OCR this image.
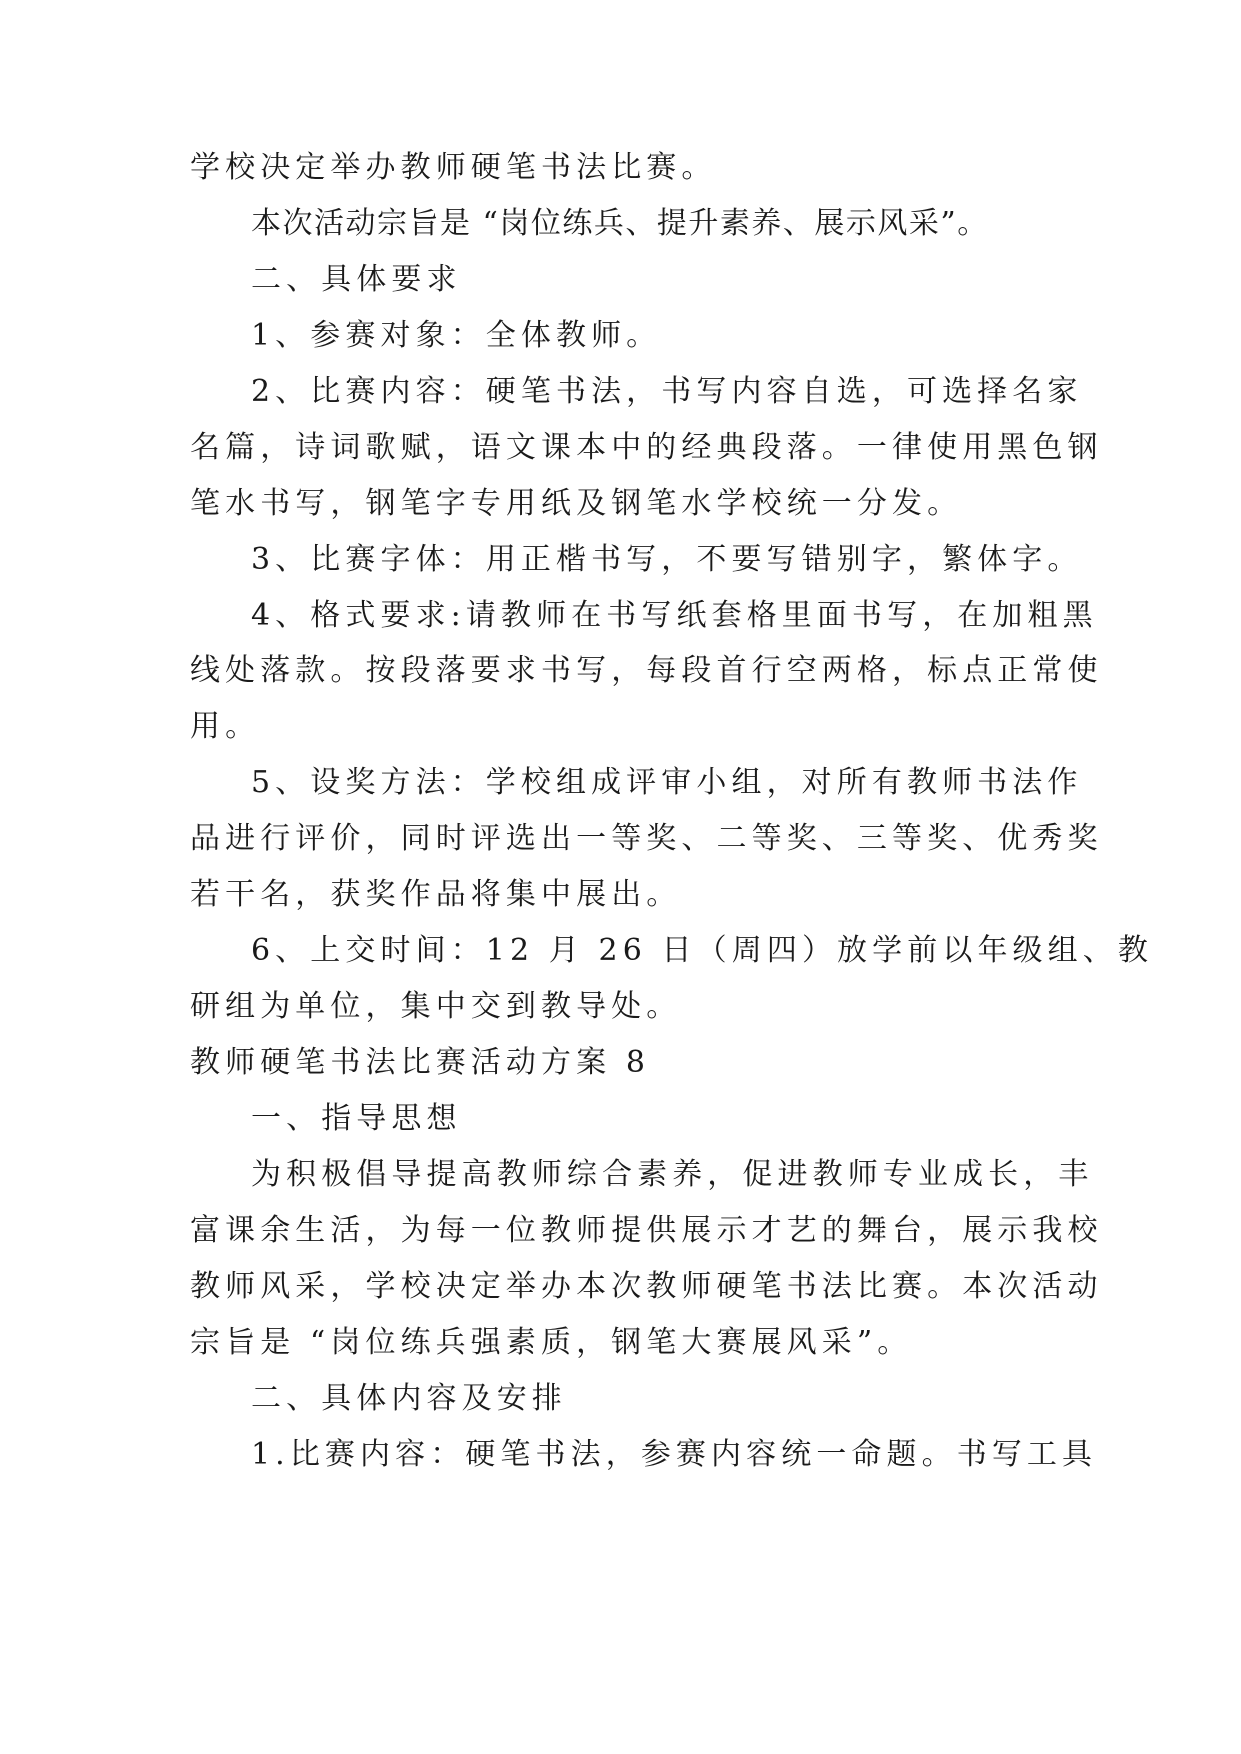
学校决定举办教师硬笔书法比赛。
本次活动宗旨是 “岗位练兵、提升素养、展示风采”。
二、具体要求
1、参赛对象：全体教师。
2、比赛内容：硬笔书法，书写内容自选，可选择名家
名篇，诗词歌赋，语文课本中的经典段落。一律使用黑色钢
笔水书写，钢笔字专用纸及钢笔水学校统一分发。
3、比赛字体：用正楷书写，不要写错别字，繁体字。
4、格式要求:请教师在书写纸套格里面书写，在加粗黑
线处落款。按段落要求书写，每段首行空两格，标点正常使
用。
5、设奖方法：学校组成评审小组，对所有教师书法作
品进行评价，同时评选出一等奖、二等奖、三等奖、优秀奖
若干名，获奖作品将集中展出。
6、上交时间：12 月 26 日（周四）放学前以年级组、教
研组为单位，集中交到教导处。
教师硬笔书法比赛活动方案 8
一、指导思想
为积极倡导提高教师综合素养，促进教师专业成长，丰
富课余生活，为每一位教师提供展示才艺的舞台，展示我校
教师风采，学校决定举办本次教师硬笔书法比赛。本次活动
宗旨是 “岗位练兵强素质，钢笔大赛展风采”。
二、具体内容及安排
1.比赛内容：硬笔书法，参赛内容统一命题。书写工具
